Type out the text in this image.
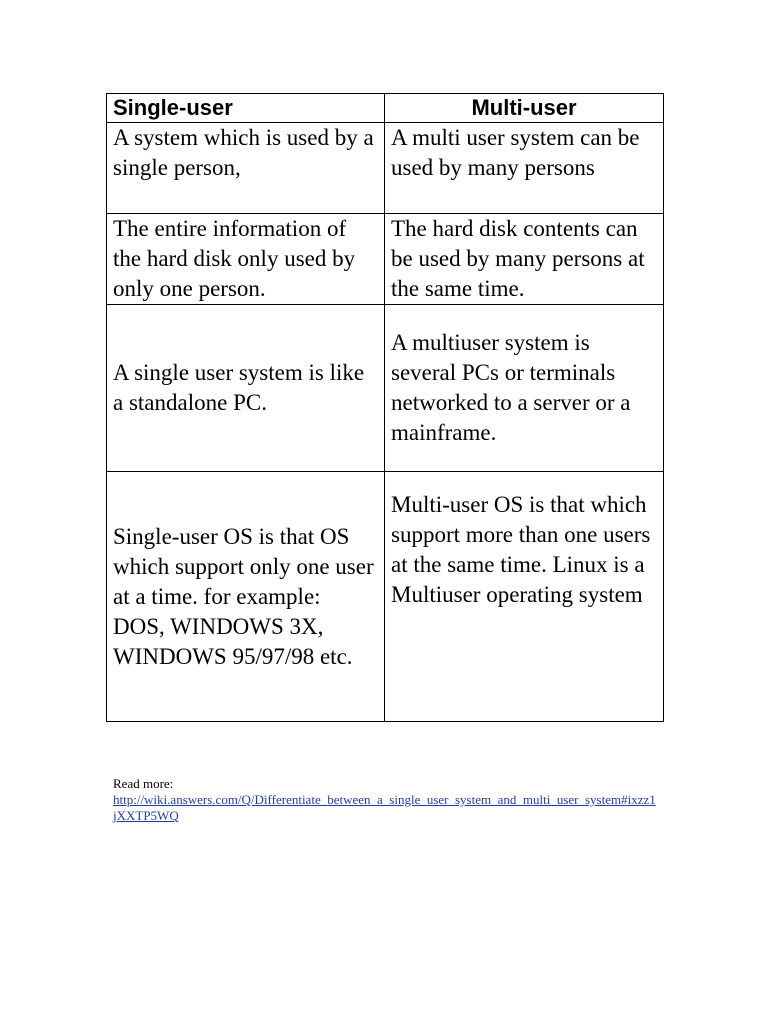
Single-user	Multi-user
A system which is used by a single person,	A multi user system can be used by many persons
The entire information of the hard disk only used by only one person.	The hard disk contents can be used by many persons at the same time.
A single user system is like a standalone PC.	A multiuser system is several PCs or terminals networked to a server or a mainframe.
Single-user OS is that OS which support only one user at a time. for example: DOS, WINDOWS 3X, WINDOWS 95/97/98 etc.	Multi-user OS is that which support more than one users at the same time. Linux is a Multiuser operating system
Read more:
http://wiki.answers.com/Q/Differentiate_between_a_single_user_system_and_multi_user_system#ixzz1jXXTP5WQ
